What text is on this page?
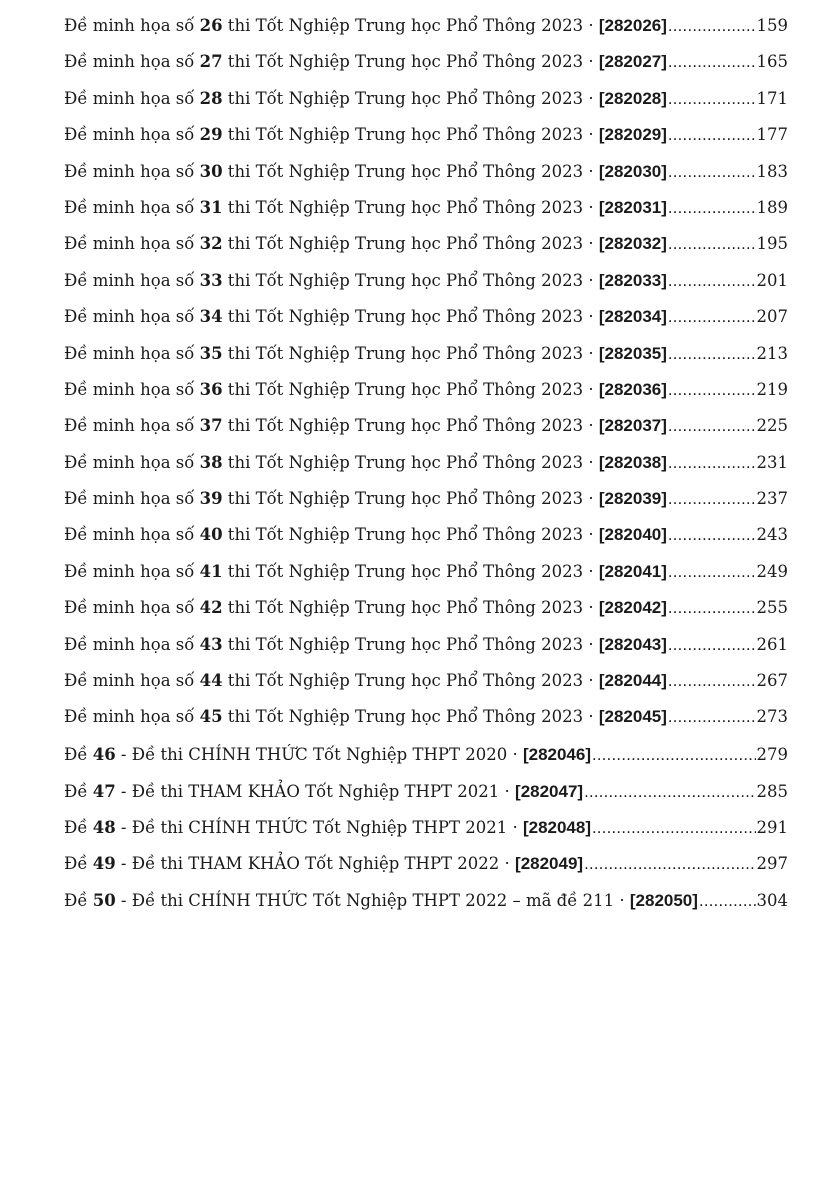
Đề minh họa số 26 thi Tốt Nghiệp Trung học Phổ Thông 2023 · [282026] .....	159
Đề minh họa số 27 thi Tốt Nghiệp Trung học Phổ Thông 2023 · [282027] .....	165
Đề minh họa số 28 thi Tốt Nghiệp Trung học Phổ Thông 2023 · [282028] .....	171
Đề minh họa số 29 thi Tốt Nghiệp Trung học Phổ Thông 2023 · [282029] .....	177
Đề minh họa số 30 thi Tốt Nghiệp Trung học Phổ Thông 2023 · [282030] .....	183
Đề minh họa số 31 thi Tốt Nghiệp Trung học Phổ Thông 2023 · [282031] .....	189
Đề minh họa số 32 thi Tốt Nghiệp Trung học Phổ Thông 2023 · [282032] .....	195
Đề minh họa số 33 thi Tốt Nghiệp Trung học Phổ Thông 2023 · [282033] .....	201
Đề minh họa số 34 thi Tốt Nghiệp Trung học Phổ Thông 2023 · [282034] .....	207
Đề minh họa số 35 thi Tốt Nghiệp Trung học Phổ Thông 2023 · [282035] .....	213
Đề minh họa số 36 thi Tốt Nghiệp Trung học Phổ Thông 2023 · [282036] .....	219
Đề minh họa số 37 thi Tốt Nghiệp Trung học Phổ Thông 2023 · [282037] .....	225
Đề minh họa số 38 thi Tốt Nghiệp Trung học Phổ Thông 2023 · [282038] .....	231
Đề minh họa số 39 thi Tốt Nghiệp Trung học Phổ Thông 2023 · [282039] .....	237
Đề minh họa số 40 thi Tốt Nghiệp Trung học Phổ Thông 2023 · [282040] .....	243
Đề minh họa số 41 thi Tốt Nghiệp Trung học Phổ Thông 2023 · [282041] .....	249
Đề minh họa số 42 thi Tốt Nghiệp Trung học Phổ Thông 2023 · [282042] .....	255
Đề minh họa số 43 thi Tốt Nghiệp Trung học Phổ Thông 2023 · [282043] .....	261
Đề minh họa số 44 thi Tốt Nghiệp Trung học Phổ Thông 2023 · [282044] .....	267
Đề minh họa số 45 thi Tốt Nghiệp Trung học Phổ Thông 2023 · [282045] .....	273
Đề 46 - Đề thi CHÍNH THỨC Tốt Nghiệp THPT 2020 · [282046] .....	279
Đề 47 - Đề thi THAM KHẢO Tốt Nghiệp THPT 2021 · [282047] .....	285
Đề 48 - Đề thi CHÍNH THỨC Tốt Nghiệp THPT 2021 · [282048] .....	291
Đề 49 - Đề thi THAM KHẢO Tốt Nghiệp THPT 2022 · [282049] .....	297
Đề 50 - Đề thi CHÍNH THỨC Tốt Nghiệp THPT 2022 – mã đề 211 · [282050] .....	304
